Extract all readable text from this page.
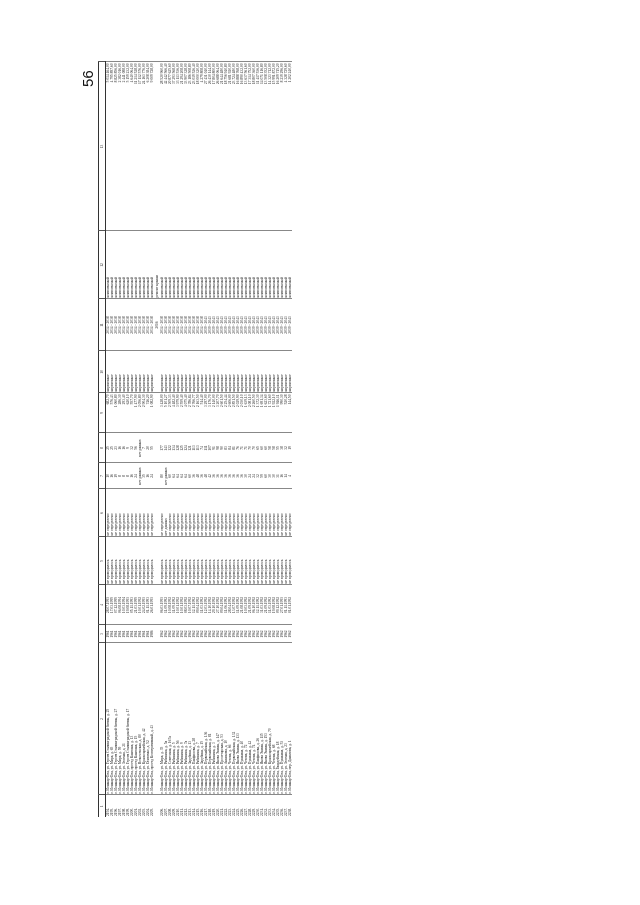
56
1	2	3	4	5	6	7	8	9	10	11	12	13
2194.	г. Йошкар-Ола, ул. Героев Сталинградской битвы, д. 25	1961	28.07.1993	не проводилось	не определено	10	25	682,70	кирпичные	2034 - 2038	комплексный	5 014 464,00
2195.	г. Йошкар-Ола, ул. Мира, д. 65	1961	17.03.1995	не проводилось	не определено	16	25	576,43	кирпичные	2034 - 2038	комплексный	4 795 897,60
2196.	г. Йошкар-Ола, ул. Героев Сталинградской битвы, д. 27	1961	07.12.1995	не проводилось	не определено	19	23	1 060,80	кирпичные	2034 - 2038	комплексный	8 825 856,00
2197.	г. Йошкар-Ола, ул. Мира, д. 59	1961	06.08.1994	не проводилось	не определено	8	16	286,30	кирпичные	2034 - 2038	комплексный	2 382 016,00
2198.	г. Йошкар-Ола, ул. Зеленая, д. 21	1961	10.03.1994	не проводилось	не определено	8	16	293,40	кирпичные	2034 - 2038	комплексный	2 441 088,00
2199.	г. Йошкар-Ола, ул. Героев Сталинградской битвы, д. 17	1961	19.08.1993	не проводилось	не определено	8	9	620,10	кирпичные	2034 - 2038	комплексный	5 159 232,00
2200.	г. Йошкар-Ола, проезд Каштана, д. 13	1961	05.11.1993	не проводилось	не определено	16	32	557,70	кирпичные	2034 - 2038	комплексный	4 640 064,00
2201.	г. Йошкар-Ола, проезд Каштана, д. 15	1961	21.03.1995	не проводилось	не определено	24	56	1 477,90	кирпичные	2034 - 2038	комплексный	11 214 528,00
2202.	г. Йошкар-Ола, ул. Вознесенская, д. 80	1961	10.01.1992	не проводилось	не определено	нет данных	нет данных	2 056,80	кирпичные	2034 - 2038	комплексный	17 112 576,00
2203.	г. Йошкар-Ола, ул. Красноармейская, д. 42	1961	24.02.1993	не проводилось	не определено	35	7	2 904,30	кирпичные	2034 - 2038	комплексный	24 163 776,00
2204.	г. Йошкар-Ола, ул. Осипенко, д. 52	1961	01.11.1993	не проводилось	не определено	16	20	746,20	кирпичные	2034 - 2038	комплексный	6 208 384,00
2205.	г. Йошкар-Ола, проезд Кооперативный, д. 43	1986	26.01.1993	не проводилось	не определено	24	55	1 082,90	кирпичные	2034 - 2038	комплексный	9 009 728,00
										2016	ремонт крыши	
2206.	г. Йошкар-Ола, ул. Мира, д. 35	1962	06.03.1993	не проводилось	не определено	80	177	3 428,00	кирпичные	2034 - 2038	комплексный	28 520 960,00
2207.	г. Йошкар-Ола, ул. Рябинина, д. 5а	1962	11.09.1992	не проводилось	нет данных	нет данных	143	5 101,27	кирпичные	2034 - 2038	комплексный	42 442 566,40
2208.	г. Йошкар-Ола, ул. Советская, д. 167а	1962	10.08.1992	не проводилось	не определено	60	122	2 509,33	кирпичные	2034 - 2038	комплексный	20 877 625,60
2209.	г. Йошкар-Ола, ул. Рябинина, д. 5	1962	11.09.1992	не проводилось	не определено	64	134	4 482,40	кирпичные	2034 - 2038	комплексный	37 293 568,00
2210.	г. Йошкар-Ола, ул. Рябинина, д. 5б	1962	10.01.1992	не проводилось	не определено	64	128	3 979,90	кирпичные	2034 - 2038	комплексный	33 113 536,00
2211.	г. Йошкар-Ола, ул. Рябинина, д. 9	1962	10.01.1992	не проводилось	не определено	64	125	2 559,40	кирпичные	2034 - 2038	комплексный	21 294 208,00
2212.	г. Йошкар-Ола, ул. Рябинина, д. 7а	1962	08.03.1992	не проводилось	не определено	64	124	4 075,40	кирпичные	2034 - 2038	комплексный	33 907 328,00
2213.	г. Йошкар-Ола, ул. Зарубина, д. 13	1962	10.07.1992	не проводилось	не определено	60	121	2 786,84	кирпичные	2034 - 2038	комплексный	23 186 508,80
2214.	г. Йошкар-Ола, ул. Панфилова, д. 28	1962	12.11.1992	не проводилось	не определено	36	113	2 766,77	кирпичные	2034 - 2038	комплексный	23 019 526,40
2215.	г. Йошкар-Ола, ул. Рябинина, д. 7	1962	09.04.1992	не проводилось	не определено	48	113	2 163,50	кирпичные	2034 - 2038	комплексный	18 000 320,00
2216.	г. Йошкар-Ола, ул. Зарубина, д. 15	1962	11.03.1992	не проводилось	не определено	36	74	514,40	кирпичные	2034 - 2038	комплексный	4 279 808,00
2217.	г. Йошкар-Ола, ул. Первомайская, д. 136	1962	12.03.1992	не проводилось	не определено	48	111	3 297,00	кирпичные	2039 - 2043	комплексный	27 431 040,00
2218.	г. Йошкар-Ола, ул. Первомайская, д. 81	1962	14.10.1992	не проводилось	не определено	42	107	3 176,70	кирпичные	2039 - 2043	комплексный	26 430 144,00
2219.	г. Йошкар-Ола, ул. Рябинина, д. 3	1962	29.10.1992	не проводилось	не определено	36	91	2 140,00	кирпичные	2039 - 2043	комплексный	17 804 800,00
2220.	г. Йошкар-Ола, ул. Якова Эшпая, д. 147	1962	27.10.1992	не проводилось	не определено	36	98	3 207,70	кирпичные	2039 - 2043	комплексный	26 688 064,00
2221.	г. Йошкар-Ола, ул. Пролетарская, д. 53	1962	09.04.1992	не проводилось	не определено	36	90	2 601,50	кирпичные	2039 - 2043	комплексный	21 644 480,00
2222.	г. Йошкар-Ола, ул. Анникова, д. 10	1962	11.06.1992	не проводилось	не определено	36	83	2 254,44	кирпичные	2039 - 2043	комплексный	18 756 940,80
2223.	г. Йошкар-Ола, ул. Чехова, д. 66	1962	28.04.1992	не проводилось	не определено	36	84	2 606,00	кирпичные	2039 - 2043	комплексный	21 681 920,00
2224.	г. Йошкар-Ола, ул. Первомайская, д. 132	1962	13.07.1992	не проводилось	не определено	36	81	2 851,50	кирпичные	2039 - 2043	комплексный	23 724 480,00
2225.	г. Йошкар-Ола, ул. Якова Эшпая, д. 133	1962	11.09.1992	не проводилось	не определено	36	76	2 029,90	кирпичные	2039 - 2043	комплексный	16 888 768,00
2226.	г. Йошкар-Ола, ул. Пушкина, д. 40	1962	21.08.1992	не проводилось	не определено	36	71	2 030,10	кирпичные	2039 - 2043	комплексный	16 890 432,00
2227.	г. Йошкар-Ола, ул. Чехова, д. 72	1962	10.03.1992	не проводилось	не определено	30	71	1 639,13	кирпичные	2039 - 2043	комплексный	13 637 561,60
2228.	г. Йошкар-Ола, ул. Пушкина, д. 42	1962	21.09.1992	не проводилось	не определено	24	70	2 081,10	кирпичные	2039 - 2043	комплексный	17 314 752,00
2229.	г. Йошкар-Ола, ул. Чехова, д. 74	1962	06.10.1992	не проводилось	не определено	24	70	2 260,50	кирпичные	2039 - 2043	комплексный	18 807 360,00
2230.	г. Йошкар-Ола, ул. Панфилова, д. 26	1962	12.11.1992	не проводилось	не определено	32	65	1 372,30	кирпичные	2039 - 2043	комплексный	11 417 536,00
2231.	г. Йошкар-Ола, ул. Якова Эшпая, д. 115	1962	31.03.1992	не проводилось	не определено	59	60	1 691,34	кирпичные	2039 - 2043	комплексный	14 071 116,80
2232.	г. Йошкар-Ола, ул. Якова Эшпая, д. 153	1962	21.09.1992	не проводилось	не определено	60	60	1 623,60	кирпичные	2039 - 2043	комплексный	13 508 352,00
2233.	г. Йошкар-Ола, ул. Красноармейская, д. 70	1962	11.03.1992	не проводилось	не определено	30	58	1 721,60	кирпичные	2039 - 2043	комплексный	14 323 712,00
2234.	г. Йошкар-Ола, ул. Чехова, д. 68	1962	19.08.1992	не проводилось	не определено	30	58	1 922,10	кирпичные	2039 - 2043	комплексный	15 991 872,00
2235.	г. Йошкар-Ола, Гвардейская, д. 18	1962	09.12.1992	не проводилось	не определено	31	55	1 946,11	кирпичные	2039 - 2043	комплексный	16 209 715,20
2236.	г. Йошкар-Ола, ул. Пушкина, д. 53	1962	27.01.1993	не проводилось	не определено	16	38	990,30	кирпичные	2039 - 2043	комплексный	8 239 296,00
2237.	г. Йошкар-Ола, ул. Зеленая, д. 23	1962	01.11.1993	не проводилось	не определено	14	32	520,28	кирпичные	2039 - 2043	комплексный	4 328 729,60
2238.	г. Йошкар-Ола, пер. Данилова, д. 1	1962	01.01.1992	не проводилось	не определено	4	19	144,50	кирпичные	2039 - 2043	комплексный	1 202 240,00
